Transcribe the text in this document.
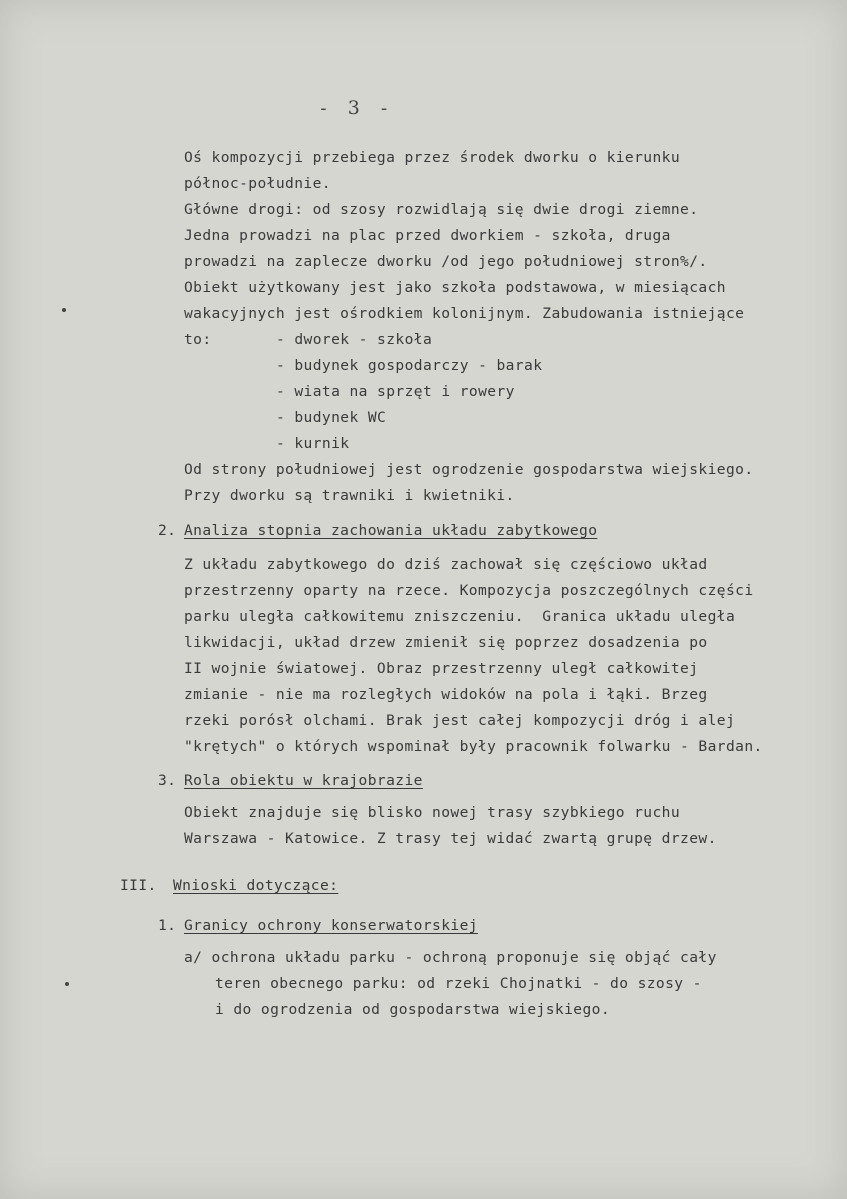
- 3 -
Oś kompozycji przebiega przez środek dworku o kierunku
północ-południe.
Główne drogi: od szosy rozwidlają się dwie drogi ziemne.
Jedna prowadzi na plac przed dworkiem - szkoła, druga
prowadzi na zaplecze dworku /od jego południowej stron%/.
Obiekt użytkowany jest jako szkoła podstawowa, w miesiącach
wakacyjnych jest ośrodkiem kolonijnym. Zabudowania istniejące
to:	- dworek - szkoła
- budynek gospodarczy - barak
- wiata na sprzęt i rowery
- budynek WC
- kurnik
Od strony południowej jest ogrodzenie gospodarstwa wiejskiego.
Przy dworku są trawniki i kwietniki.
2. Analiza stopnia zachowania układu zabytkowego
Z układu zabytkowego do dziś zachował się częściowo układ
przestrzenny oparty na rzece. Kompozycja poszczególnych części
parku uległa całkowitemu zniszczeniu.  Granica układu uległa
likwidacji, układ drzew zmienił się poprzez dosadzenia po
II wojnie światowej. Obraz przestrzenny uległ całkowitej
zmianie - nie ma rozległych widoków na pola i łąki. Brzeg
rzeki porósł olchami. Brak jest całej kompozycji dróg i alej
"krętych" o których wspominał były pracownik folwarku - Bardan.
3. Rola obiektu w krajobrazie
Obiekt znajduje się blisko nowej trasy szybkiego ruchu
Warszawa - Katowice. Z trasy tej widać zwartą grupę drzew.
III. Wnioski dotyczące:
1. Granicy ochrony konserwatorskiej
a/ ochrona układu parku - ochroną proponuje się objąć cały
teren obecnego parku: od rzeki Chojnatki - do szosy -
i do ogrodzenia od gospodarstwa wiejskiego.
